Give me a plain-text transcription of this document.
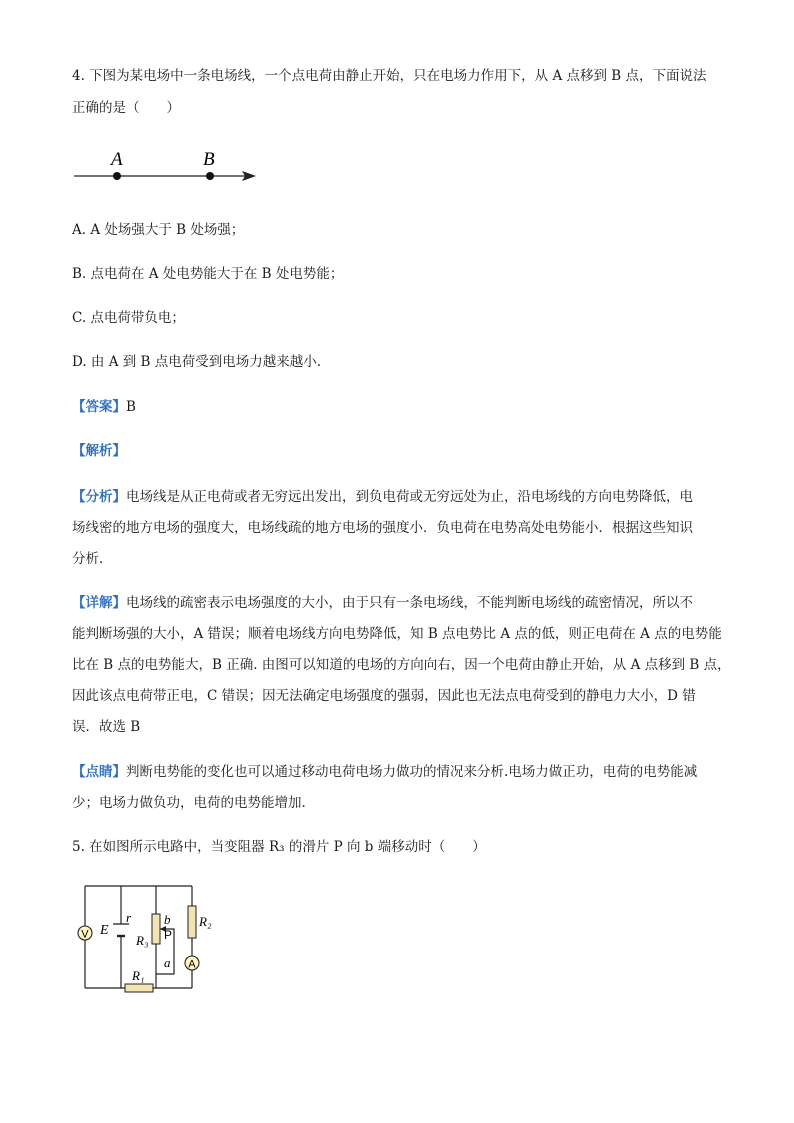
4. 下图为某电场中一条电场线，一个点电荷由静止开始，只在电场力作用下，从 A 点移到 B 点，下面说法
正确的是（　　）
A	B
A. A 处场强大于 B 处场强；
B. 点电荷在 A 处电势能大于在 B 处电势能；
C. 点电荷带负电；
D. 由 A 到 B 点电荷受到电场力越来越小.
【答案】B
【解析】
【分析】电场线是从正电荷或者无穷远出发出，到负电荷或无穷远处为止，沿电场线的方向电势降低，电
场线密的地方电场的强度大，电场线疏的地方电场的强度小．负电荷在电势高处电势能小．根据这些知识
分析．
【详解】电场线的疏密表示电场强度的大小，由于只有一条电场线，不能判断电场线的疏密情况，所以不
能判断场强的大小，A 错误；顺着电场线方向电势降低，知 B 点电势比 A 点的低，则正电荷在 A 点的电势能
比在 B 点的电势能大，B 正确. 由图可以知道的电场的方向向右，因一个电荷由静止开始，从 A 点移到 B 点，
因此该点电荷带正电，C 错误；因无法确定电场强度的强弱，因此也无法点电荷受到的静电力大小，D 错
误．故选 B
【点睛】判断电势能的变化也可以通过移动电荷电场力做功的情况来分析.电场力做正功，电荷的电势能减
少；电场力做负功，电荷的电势能增加.
5. 在如图所示电路中，当变阻器 R₃ 的滑片 P 向 b 端移动时（　　）
V
A
E
r
R₃
R₂
R₁
P
b
a
